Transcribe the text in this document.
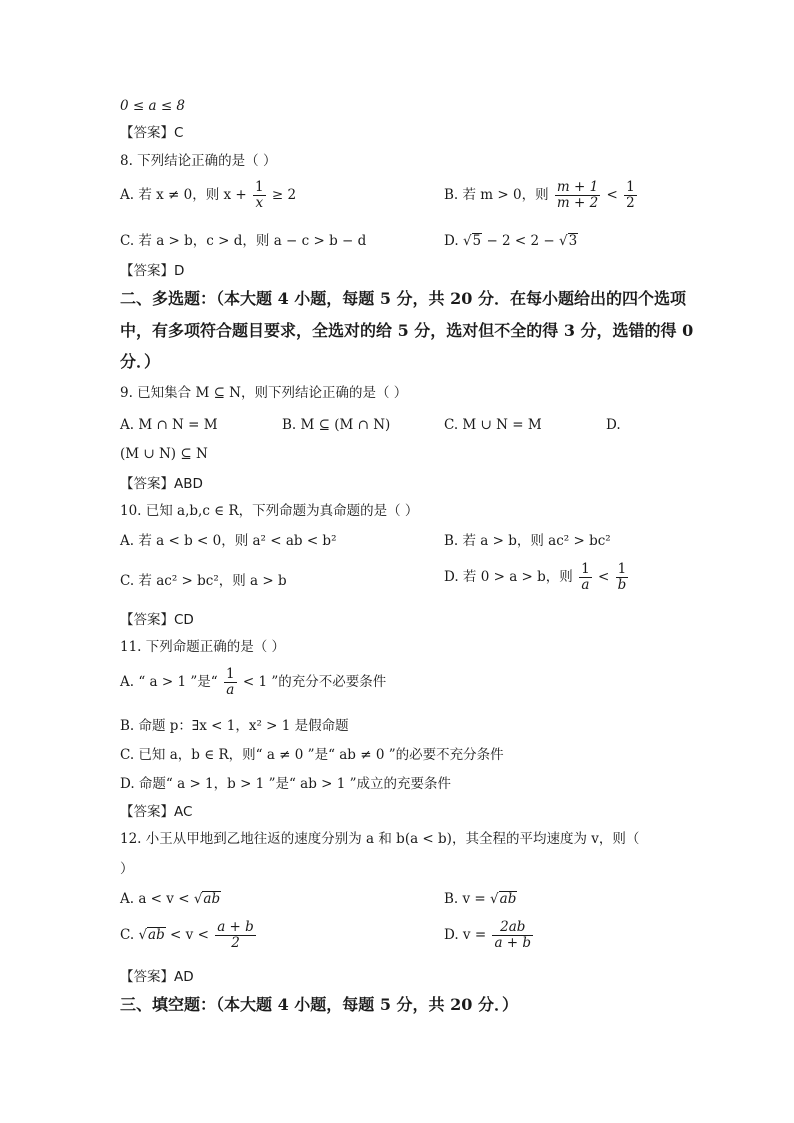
0 ≤ a ≤ 8
【答案】C
8. 下列结论正确的是（ ）
A. 若 x ≠ 0，则 $x + \frac{1}{x} \ge 2$	B. 若 m > 0，则 $\frac{m + 1}{m + 2} < \frac{1}{2}$
C. 若 a > b，c > d，则 a − c > b − d	D. √5 − 2 < 2 − √3
【答案】D
二、多选题：（本大题 4 小题，每题 5 分，共 20 分．在每小题给出的四个选项
中，有多项符合题目要求，全选对的给 5 分，选对但不全的得 3 分，选错的得 0
分．）
9. 已知集合 M ⊆ N，则下列结论正确的是（ ）
A. M ∩ N = M	B. M ⊆ (M ∩ N)	C. M ∪ N = M	D.
(M ∪ N) ⊆ N
【答案】ABD
10. 已知 a,b,c ∈ R，下列命题为真命题的是（ ）
A. 若 a < b < 0，则 a² < ab < b²	B. 若 a > b，则 ac² > bc²
C. 若 ac² > bc²，则 a > b	D. 若 0 > a > b，则 $\frac{1}{a} < \frac{1}{b}$
【答案】CD
11. 下列命题正确的是（ ）
A. “ a > 1 ”是“ $\frac{1}{a} < 1$ ”的充分不必要条件
B. 命题 p：∃x < 1，x² > 1 是假命题
C. 已知 a，b ∈ R，则“ a ≠ 0 ”是“ ab ≠ 0 ”的必要不充分条件
D. 命题“ a > 1，b > 1 ”是“ ab > 1 ”成立的充要条件
【答案】AC
12. 小王从甲地到乙地往返的速度分别为 a 和 b(a < b)，其全程的平均速度为 v，则（
）
A. a < v < √ab	B. v = √ab
C. $√ab < v < \frac{a + b}{2}$	D. $v = \frac{2ab}{a + b}$
【答案】AD
三、填空题：（本大题 4 小题，每题 5 分，共 20 分．）
